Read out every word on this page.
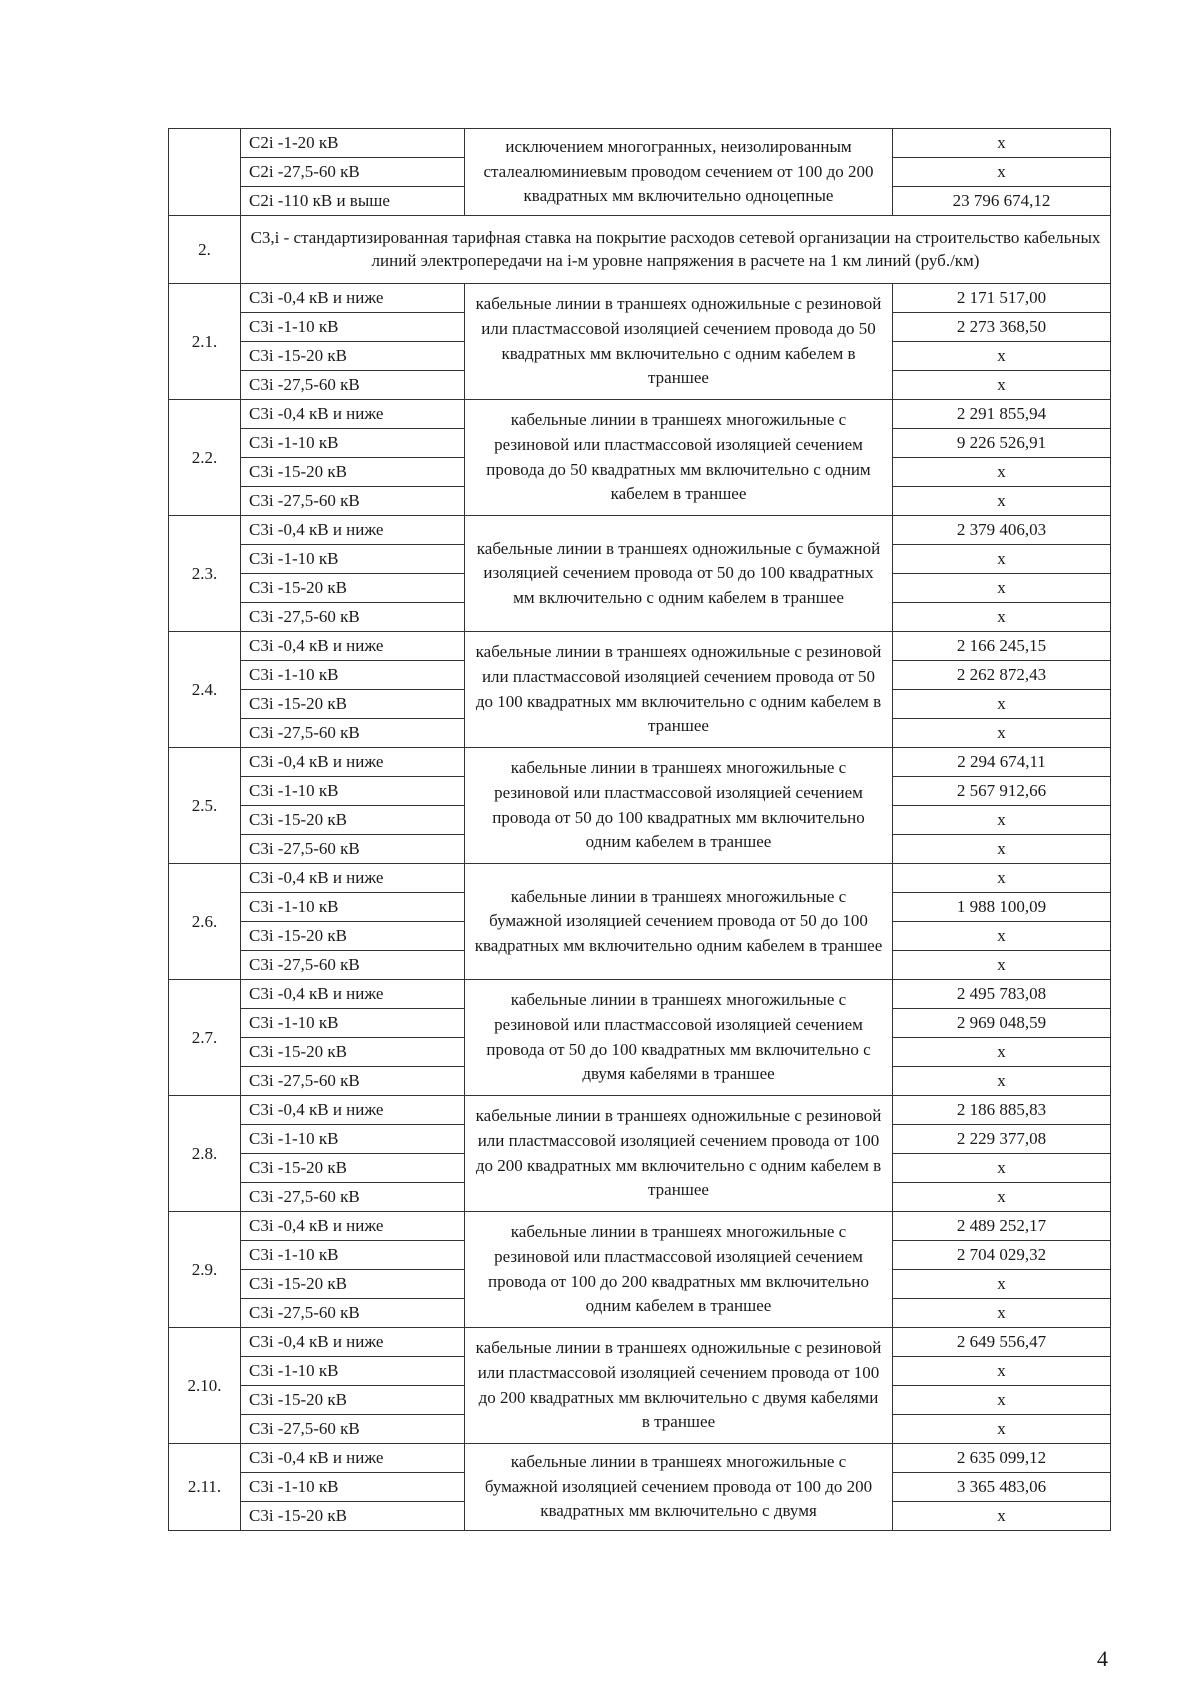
	C2i -1-20 кВ	исключением многогранных, неизолированным сталеалюминиевым проводом сечением от 100 до 200 квадратных мм включительно одноцепные	x
	C2i -27,5-60 кВ		x
	C2i -110 кВ и выше		23 796 674,12
2.	С3,i - стандартизированная тарифная ставка на покрытие расходов сетевой организации на строительство кабельных линий электропередачи на i-м уровне напряжения в расчете на 1 км линий (руб./км)		
2.1.	C3i -0,4 кВ и ниже	кабельные линии в траншеях одножильные с резиновой или пластмассовой изоляцией сечением провода до 50 квадратных мм включительно с одним кабелем в траншее	2 171 517,00
	C3i -1-10 кВ		2 273 368,50
	C3i -15-20 кВ		x
	C3i -27,5-60 кВ		x
2.2.	C3i -0,4 кВ и ниже	кабельные линии в траншеях многожильные с резиновой или пластмассовой изоляцией сечением провода до 50 квадратных мм включительно с одним кабелем в траншее	2 291 855,94
	C3i -1-10 кВ		9 226 526,91
	C3i -15-20 кВ		x
	C3i -27,5-60 кВ		x
2.3.	C3i -0,4 кВ и ниже	кабельные линии в траншеях одножильные с бумажной изоляцией сечением провода от 50 до 100 квадратных мм включительно с одним кабелем в траншее	2 379 406,03
	C3i -1-10 кВ		x
	C3i -15-20 кВ		x
	C3i -27,5-60 кВ		x
2.4.	C3i -0,4 кВ и ниже	кабельные линии в траншеях одножильные с резиновой или пластмассовой изоляцией сечением провода от 50 до 100 квадратных мм включительно с одним кабелем в траншее	2 166 245,15
	C3i -1-10 кВ		2 262 872,43
	C3i -15-20 кВ		x
	C3i -27,5-60 кВ		x
2.5.	C3i -0,4 кВ и ниже	кабельные линии в траншеях многожильные с резиновой или пластмассовой изоляцией сечением провода от 50 до 100 квадратных мм включительно одним кабелем в траншее	2 294 674,11
	C3i -1-10 кВ		2 567 912,66
	C3i -15-20 кВ		x
	C3i -27,5-60 кВ		x
2.6.	C3i -0,4 кВ и ниже	кабельные линии в траншеях многожильные с бумажной изоляцией сечением провода от 50 до 100 квадратных мм включительно одним кабелем в траншее	x
	C3i -1-10 кВ		1 988 100,09
	C3i -15-20 кВ		x
	C3i -27,5-60 кВ		x
2.7.	C3i -0,4 кВ и ниже	кабельные линии в траншеях многожильные с резиновой или пластмассовой изоляцией сечением провода от 50 до 100 квадратных мм включительно с двумя кабелями в траншее	2 495 783,08
	C3i -1-10 кВ		2 969 048,59
	C3i -15-20 кВ		x
	C3i -27,5-60 кВ		x
2.8.	C3i -0,4 кВ и ниже	кабельные линии в траншеях одножильные с резиновой или пластмассовой изоляцией сечением провода от 100 до 200 квадратных мм включительно с одним кабелем в траншее	2 186 885,83
	C3i -1-10 кВ		2 229 377,08
	C3i -15-20 кВ		x
	C3i -27,5-60 кВ		x
2.9.	C3i -0,4 кВ и ниже	кабельные линии в траншеях многожильные с резиновой или пластмассовой изоляцией сечением провода от 100 до 200 квадратных мм включительно одним кабелем в траншее	2 489 252,17
	C3i -1-10 кВ		2 704 029,32
	C3i -15-20 кВ		x
	C3i -27,5-60 кВ		x
2.10.	C3i -0,4 кВ и ниже	кабельные линии в траншеях одножильные с резиновой или пластмассовой изоляцией сечением провода от 100 до 200 квадратных мм включительно с двумя кабелями в траншее	2 649 556,47
	C3i -1-10 кВ		x
	C3i -15-20 кВ		x
	C3i -27,5-60 кВ		x
2.11.	C3i -0,4 кВ и ниже	кабельные линии в траншеях многожильные с бумажной изоляцией сечением провода от 100 до 200 квадратных мм включительно с двумя	2 635 099,12
	C3i -1-10 кВ		3 365 483,06
	C3i -15-20 кВ		x
4
